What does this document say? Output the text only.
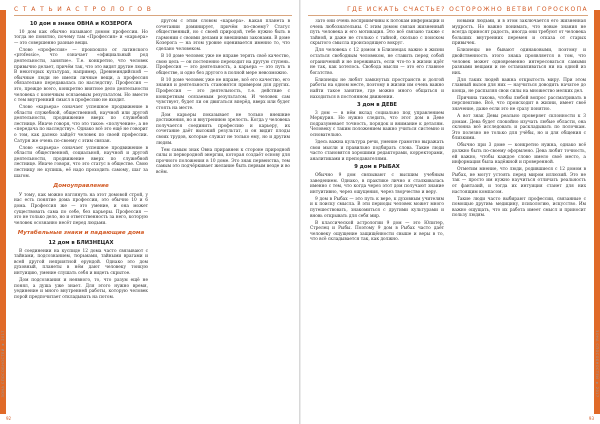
С Т А Т Ь И А С Т Р О Л О Г О В
10 дом в знаке ОВНА и КОЗЕРОГА

10 дом как обычно называют домом профессии. Но тогда не понятно, почему там «Профессия» и «карьера» — это совершенно разные вещи.

Слово «профессия» — произошло от латинского «professio», что означает «официальный род деятельности, занятие». Т.е. конкретно, что человек привычно делает, причём так, что это видят другие люди. В некоторых культурах, например, Древнеиндийской — обычные люди не имели личные вещи, а профессия обязательно передавалась по наследству. Профессия — это, прежде всего, конкретно внятное дело деятельности человека с конечным осязаемым результатом. Но вместе с тем внутренний смысл в профессию не входит.

Слово «карьера» означает успешное продвижение в области служебной, общественной, научной или другой деятельности, продвижение вверх по служебной лестнице. Иначе говоря, что это такое: «получение», а не «передача по наследству». Однако всё это ещё не говорит о том, как далеко зайдёт человек по своей профессии. Сатурн же очень по-своему с этим связан.

Слово «карьера» означает успешное продвижение в области общественной, социальной, научной и другой деятельности, продвижение вверх по служебной лестнице. Иначе говоря, что это статус в обществе. Свою лестницу не купишь, её надо проходить самому, шаг за шагом.

Домоуправление

У тому, как можно взглянуть на этот домовой строй, у нас есть понятие дома профессии, это обычно 10 и 6 дома. Профессия же — это умение, и она может существовать сама по себе, без карьеры. Профессия — это не только дело, но и ответственность за него, которую человек осознанно несёт перед людьми.

Мутабельные знаки и падающие дома
12 дом в БЛИЗНЕЦАХ

В соединении на куспиде 12 дома часто связывают с тайнами, подсознанием, тюрьмами, тайными врагами и всей другой неприятной ерундой. Однако это дом духовный, планеты в нём дают человеку тонкую интуицию, умение слушать себя и видеть скрытое.

Дом подсознания и неявного, то, что разум ещё не понял, а душа уже знает. Для этого нужно время, уединение и много внутренней работы, которую человек порой предпочитает откладывать на потом.

другом с этим словом «карьера». Какая планета в сочетании доминирует, причём по-своему? Статус общественный, но с своей природой, тебе нужно быть в гармонии с своими делами и внешними законами. В доме Козерога — на этом уровне оценивается именно то, что сделано человеком.

В 10 доме человек уже не вправе терять своё качество, свою цель — он постепенно переходит на другую ступень. Профессия — это деятельность, а карьера — это путь в обществе, и одно без другого в полной мере невозможно.

В 10 доме человек уже не вправе, всё его качество, его знания и деятельность становятся примером для других. Профессия — это деятельность, т.е. действие с конкретным осязаемым результатом. И человек сам чувствует, будет ли он двигаться вперёд, вверх или будет стоять на месте.

Дом карьеры показывает не только внешние достижения, но и внутреннюю зрелость. Когда у человека получается соединить профессию и карьеру, их сочетание даёт высокий результат, и он видит плоды своих трудов, которые служат не только ему, но и другим людям.

Тем самым знак Овна приравнен к стороне природной силы и первородной энергии, которая создаёт основу для прочного положения в 10 доме. Это знак первенства, тем самым это подчёркивает желание быть первым везде и во всём.

ЗОНА СПОСОБНОСТЕЙ ★ 2017
92
ГДЕ ИСКАТЬ СЧАСТЬЕ? ОСТОРОЖНО ВЕТВИ ГОРОСКОПА

Зато они очень восприимчивы к потокам информации и очень любознательны. С этим домом связан жизненный путь человека и его мотивация. Это всё связано также с тайной, и даже не столько с тайной, сколько с поиском скрытого смысла происходящего вокруг.

Для человека с 12 домом в Близнецах важно в жизни остаться свободным человеком, не ставить перед собой ограничений и не переживать, если что-то в жизни идёт не так, как хотелось. Свобода мысли — это его главное богатство.

Близнецы не любят замкнутых пространств и долгой работы на одном месте, поэтому в жизни им очень важно найти такое занятие, где можно много общаться и находиться в постоянном движении.

3 дом в ДЕВЕ

3 дом — в нём вклад социально под управлением Меркурия. Но нужно следить, что этот дом в Деве подразумевает точность, порядок и внимание к деталям. Человеку с таким положением важно учиться системно и основательно.

Здесь важна культура речи, умение грамотно выражать свои мысли и правильно подбирать слова. Такие люди часто становятся хорошими редакторами, корректорами, аналитиками и преподавателями.

9 дом в РЫБАХ

Обычно 9 дом связывают с высшим учебным заведением. Однако, в практике лично я сталкивалась именно с тем, что когда через этот дом получают знание интуитивно, через ощущения, через творчество и веру.

9 дом в Рыбах — это путь к вере, к духовным учителям и к поиску смысла. В эти периоды человек может много путешествовать, знакомиться с другими культурами и вновь открывать для себя мир.

В классической астрологии 9 дом — это Юпитер, Стрелец и Рыбы. Поэтому 9 дом в Рыбах часто даёт человеку ощущение защищённости свыше и веры в то, что всё складывается так, как должно.

новыми людьми, и в этом заключается его жизненная мудрость. Но важно понимать, что новые знания не всегда приносят радость, иногда они требуют от человека больших внутренних перемен и отказа от старых привычек.

Близнецы не бывают одинаковыми, поэтому и двойственность этого знака проявляется в том, что человек может одновременно интересоваться самыми разными вещами и не останавливаться ни на одной из них.

Для таких людей важна открытость миру. При этом главный вызов для них — научиться доводить начатое до конца, не распыляя свои силы на множество мелких дел.

Причина такова, чтобы любой вопрос рассматривать в перспективе. Всё, что происходит в жизни, имеет своё значение, даже если это не сразу понятно.

А вот знак Девы реально проверяет склонности к 3 домам. Дева будет спокойно изучать любые области, она склонна всё исследовать и раскладывать по полочкам. Это полезно не только для учёбы, но и для общения с близкими.

Обычно при 3 доме — конкретно нужна, однако всё должно быть по-своему оформлено. Дева любит точность, ей важно, чтобы каждое слово имело своё место, а информация была надёжной и проверенной.

Отметим мнение, что люди, родившиеся с 12 домом в Рыбах, не могут устоять перед миром иллюзий. Это не так — просто им нужно научиться отличать реальность от фантазий, и тогда их интуиция станет для них настоящим компасом.

Такие люди часто выбирают профессии, связанные с помощью другим: медицину, психологию, искусство. Им важно ощущать, что их работа имеет смысл и приносит пользу людям.

ЗОНА СПОСОБНОСТЕЙ ★ 2017
93
